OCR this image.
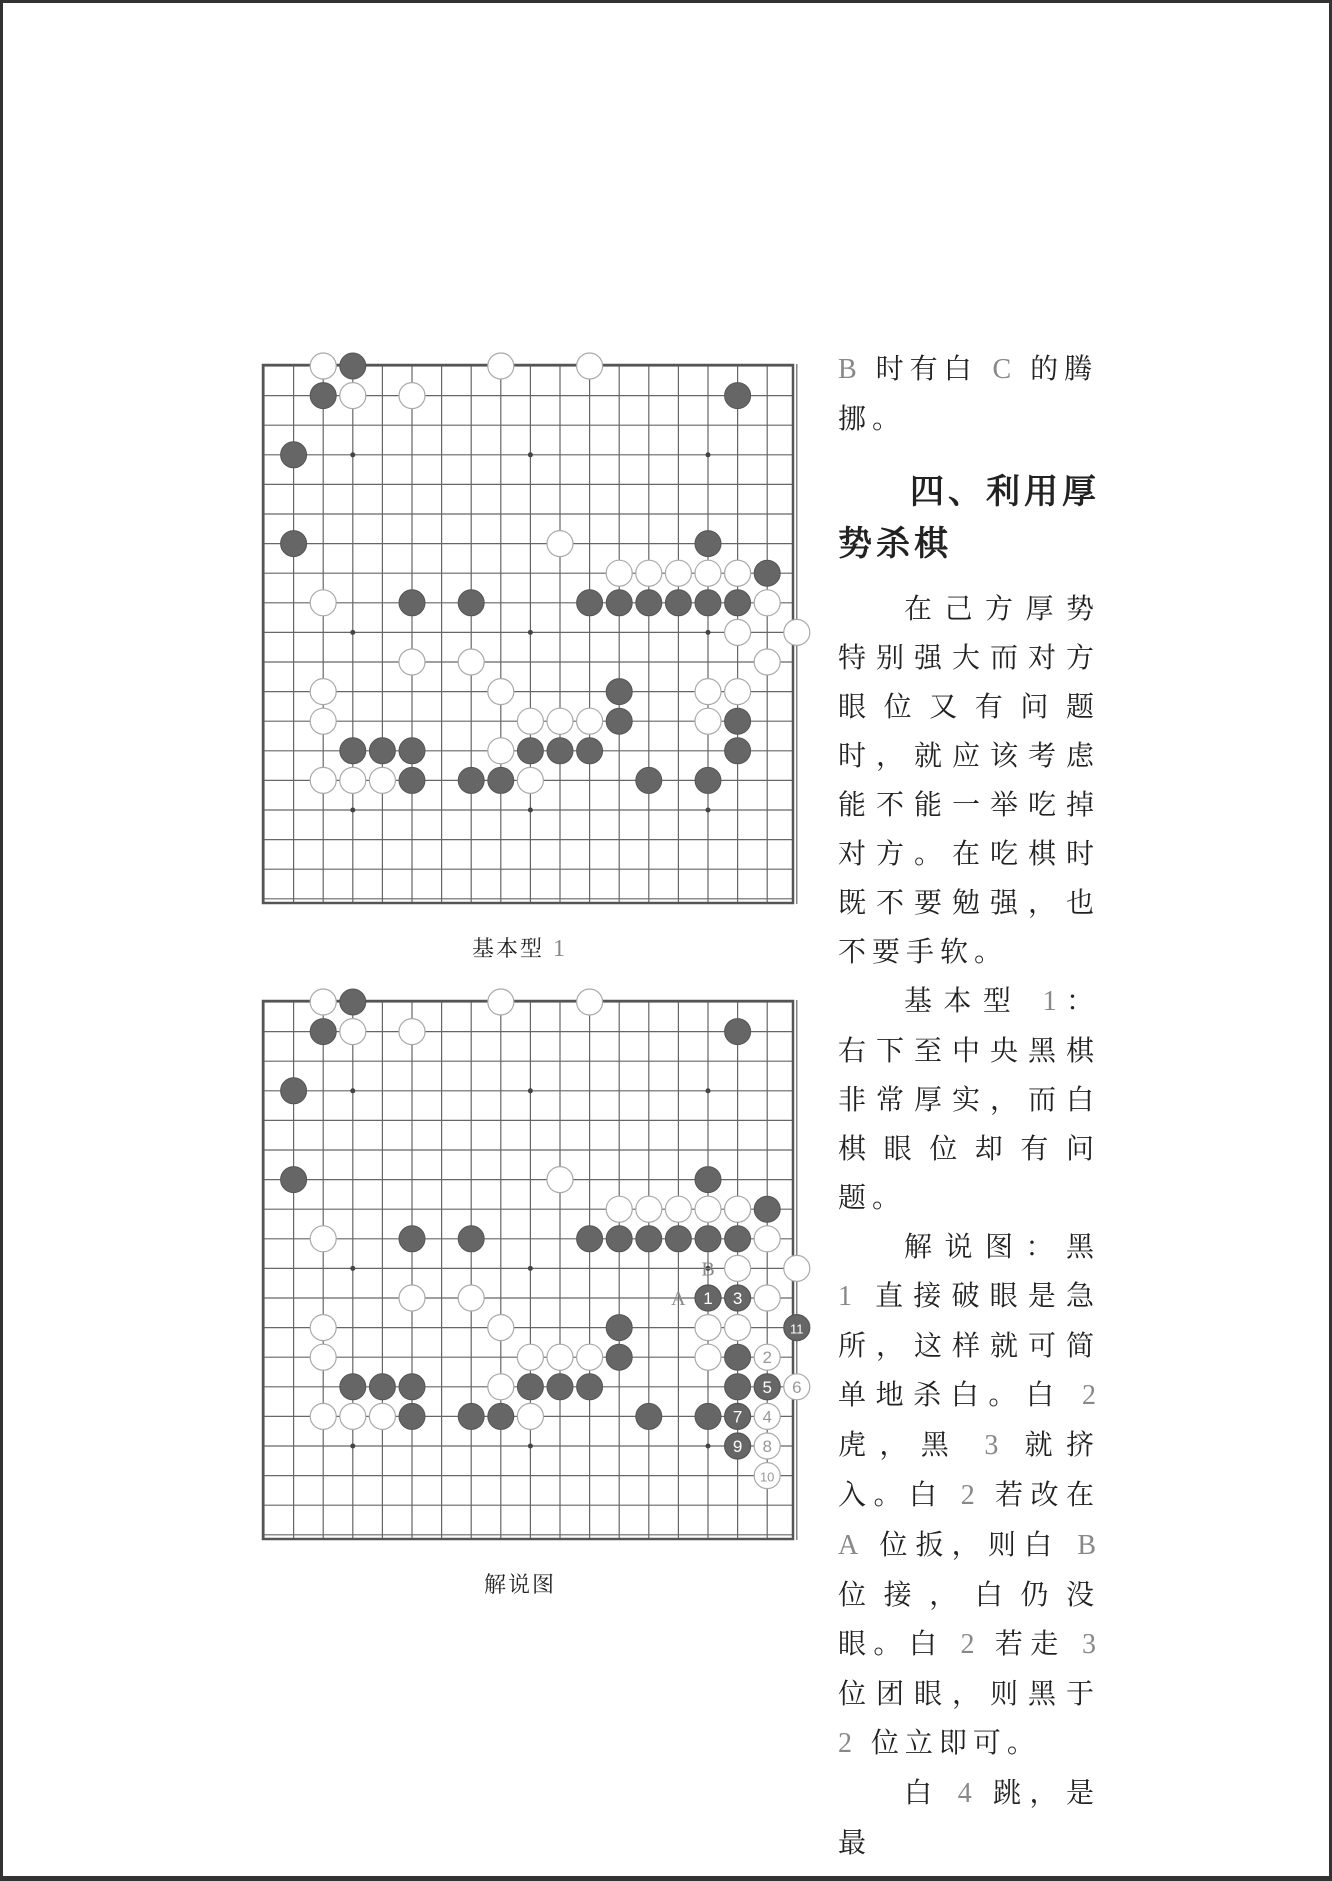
基本型 1
1
2
3
4
5 6
7
8
9
10
11
A
B
解说图

B 时有白 C 的腾

挪。

四、利用厚
势杀棋

在己方厚势特别强大而对方眼位又有问题时，就应该考虑能不能一举吃掉对方。在吃棋时既不要勉强，也不要手软。

基本型 1：右下至中央黑棋非常厚实，而白棋眼位却有问题。

解说图：黑 1 直接破眼是急所，这样就可简单地杀白。白 2 虎，黑 3 就挤入。白 2 若改在 A 位扳，则白 B 位接，白仍没眼。白 2 若走 3 位团眼，则黑于 2 位立即可。

白 4 跳，是最
